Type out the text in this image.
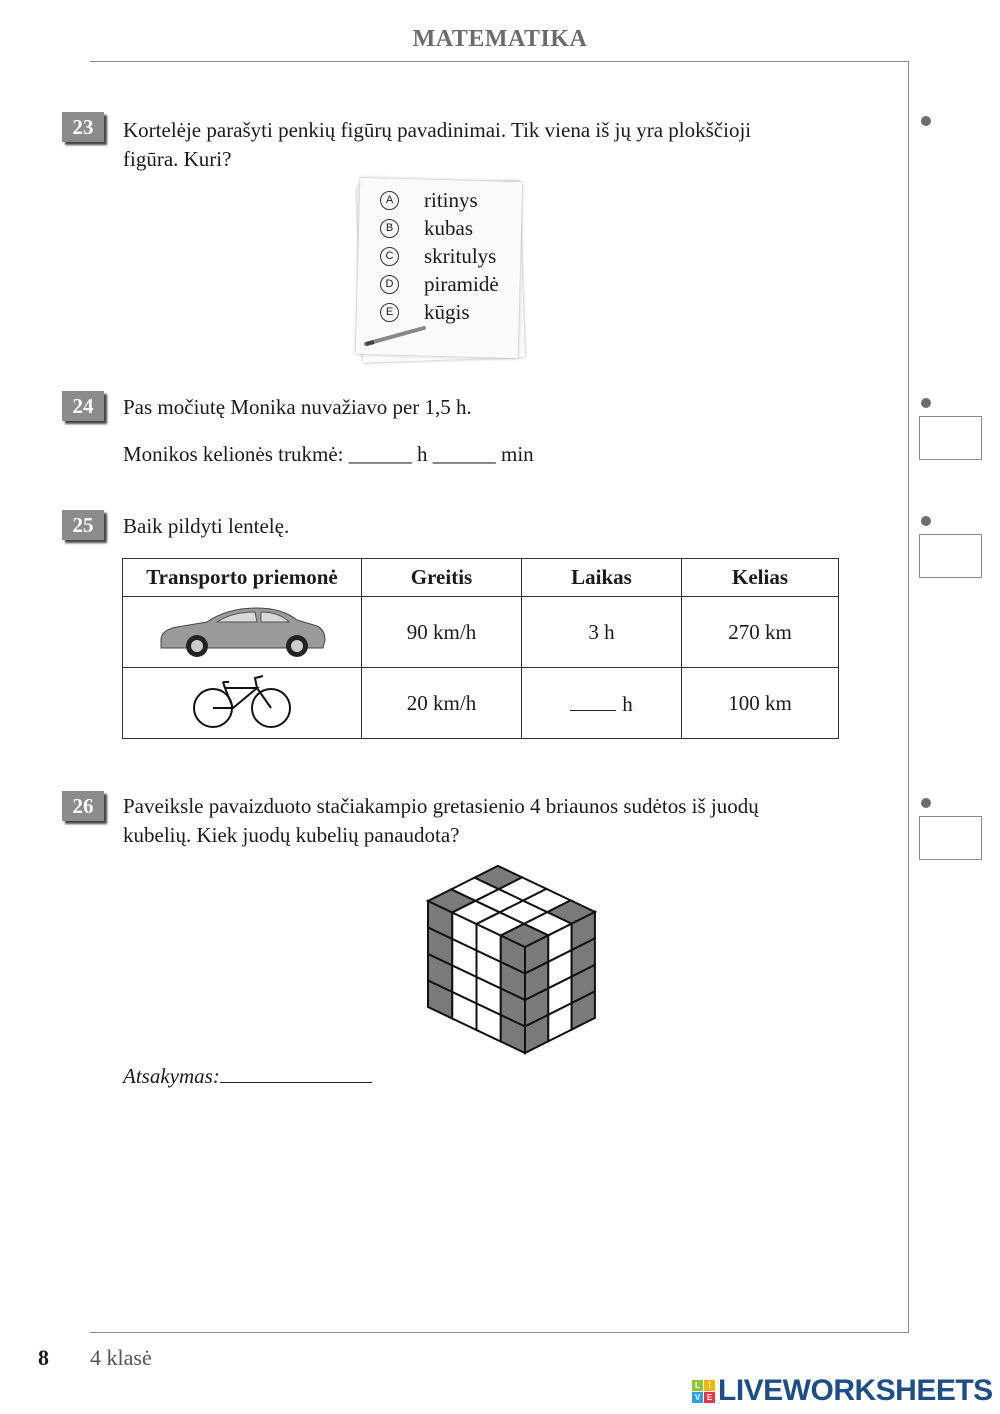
MATEMATIKA
23	Kortelėje parašyti penkių figūrų pavadinimai. Tik viena iš jų yra plokščioji
figūra. Kuri?
A ritinys
B kubas
C skritulys
D piramidė
E kūgis
24	Pas močiutę Monika nuvažiavo per 1,5 h.
Monikos kelionės trukmė: ______ h ______ min
25	Baik pildyti lentelę.
Transporto priemonė	Greitis	Laikas	Kelias
	90 km/h	3 h	270 km
	20 km/h	h	100 km
26	Paveiksle pavaizduoto stačiakampio gretasienio 4 briaunos sudėtos iš juodų
kubelių. Kiek juodų kubelių panaudota?
Atsakymas:
8 4 klasė
L	I
V E LIVEWORKSHEETS
